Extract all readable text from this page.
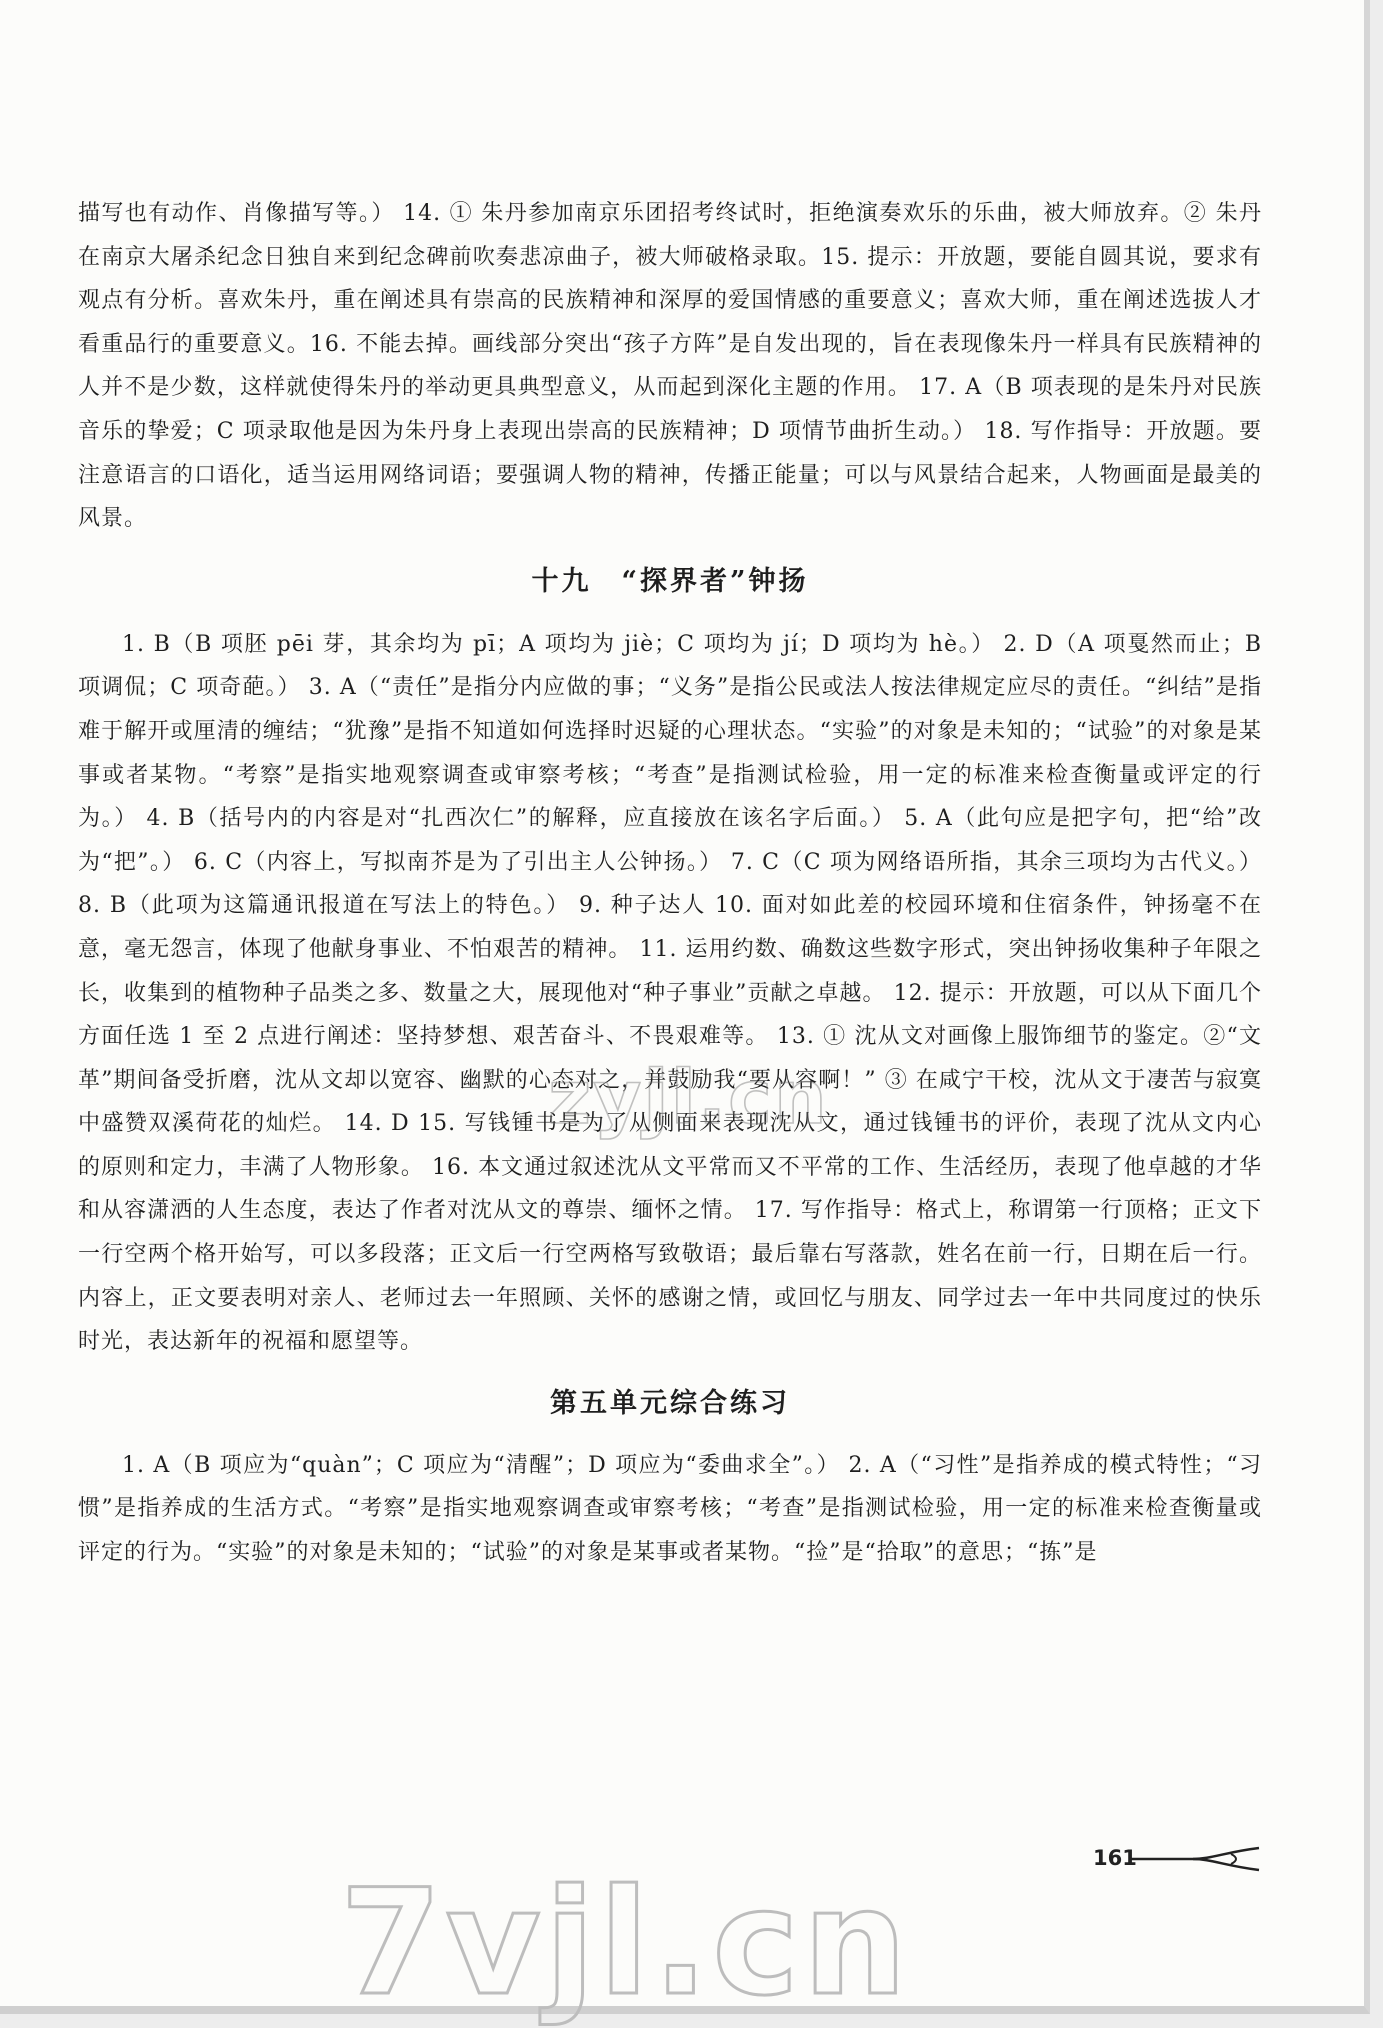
描写也有动作、肖像描写等。） 14. ① 朱丹参加南京乐团招考终试时，拒绝演奏欢乐的乐曲，被大师放弃。② 朱丹在南京大屠杀纪念日独自来到纪念碑前吹奏悲凉曲子，被大师破格录取。15. 提示：开放题，要能自圆其说，要求有观点有分析。喜欢朱丹，重在阐述具有崇高的民族精神和深厚的爱国情感的重要意义；喜欢大师，重在阐述选拔人才看重品行的重要意义。16. 不能去掉。画线部分突出“孩子方阵”是自发出现的，旨在表现像朱丹一样具有民族精神的人并不是少数，这样就使得朱丹的举动更具典型意义，从而起到深化主题的作用。 17. A（B 项表现的是朱丹对民族音乐的挚爱；C 项录取他是因为朱丹身上表现出崇高的民族精神；D 项情节曲折生动。） 18. 写作指导：开放题。要注意语言的口语化，适当运用网络词语；要强调人物的精神，传播正能量；可以与风景结合起来，人物画面是最美的风景。

十九　“探界者”钟扬

1. B（B 项胚 pēi 芽，其余均为 pī；A 项均为 jiè；C 项均为 jí；D 项均为 hè。） 2. D（A 项戛然而止；B 项调侃；C 项奇葩。） 3. A（“责任”是指分内应做的事；“义务”是指公民或法人按法律规定应尽的责任。“纠结”是指难于解开或厘清的缠结；“犹豫”是指不知道如何选择时迟疑的心理状态。“实验”的对象是未知的；“试验”的对象是某事或者某物。“考察”是指实地观察调查或审察考核；“考查”是指测试检验，用一定的标准来检查衡量或评定的行为。） 4. B（括号内的内容是对“扎西次仁”的解释，应直接放在该名字后面。） 5. A（此句应是把字句，把“给”改为“把”。） 6. C（内容上，写拟南芥是为了引出主人公钟扬。） 7. C（C 项为网络语所指，其余三项均为古代义。） 8. B（此项为这篇通讯报道在写法上的特色。） 9. 种子达人 10. 面对如此差的校园环境和住宿条件，钟扬毫不在意，毫无怨言，体现了他献身事业、不怕艰苦的精神。 11. 运用约数、确数这些数字形式，突出钟扬收集种子年限之长，收集到的植物种子品类之多、数量之大，展现他对“种子事业”贡献之卓越。 12. 提示：开放题，可以从下面几个方面任选 1 至 2 点进行阐述：坚持梦想、艰苦奋斗、不畏艰难等。 13. ① 沈从文对画像上服饰细节的鉴定。②“文革”期间备受折磨，沈从文却以宽容、幽默的心态对之，并鼓励我“要从容啊！” ③ 在咸宁干校，沈从文于凄苦与寂寞中盛赞双溪荷花的灿烂。 14. D 15. 写钱锺书是为了从侧面来表现沈从文，通过钱锺书的评价，表现了沈从文内心的原则和定力，丰满了人物形象。 16. 本文通过叙述沈从文平常而又不平常的工作、生活经历，表现了他卓越的才华和从容潇洒的人生态度，表达了作者对沈从文的尊崇、缅怀之情。 17. 写作指导：格式上，称谓第一行顶格；正文下一行空两个格开始写，可以多段落；正文后一行空两格写致敬语；最后靠右写落款，姓名在前一行，日期在后一行。内容上，正文要表明对亲人、老师过去一年照顾、关怀的感谢之情，或回忆与朋友、同学过去一年中共同度过的快乐时光，表达新年的祝福和愿望等。

第五单元综合练习

1. A（B 项应为“quàn”；C 项应为“清醒”；D 项应为“委曲求全”。） 2. A（“习性”是指养成的模式特性；“习惯”是指养成的生活方式。“考察”是指实地观察调查或审察考核；“考查”是指测试检验，用一定的标准来检查衡量或评定的行为。“实验”的对象是未知的；“试验”的对象是某事或者某物。“捡”是“拾取”的意思；“拣”是

zyjl.cn
161
7vjl.cn
